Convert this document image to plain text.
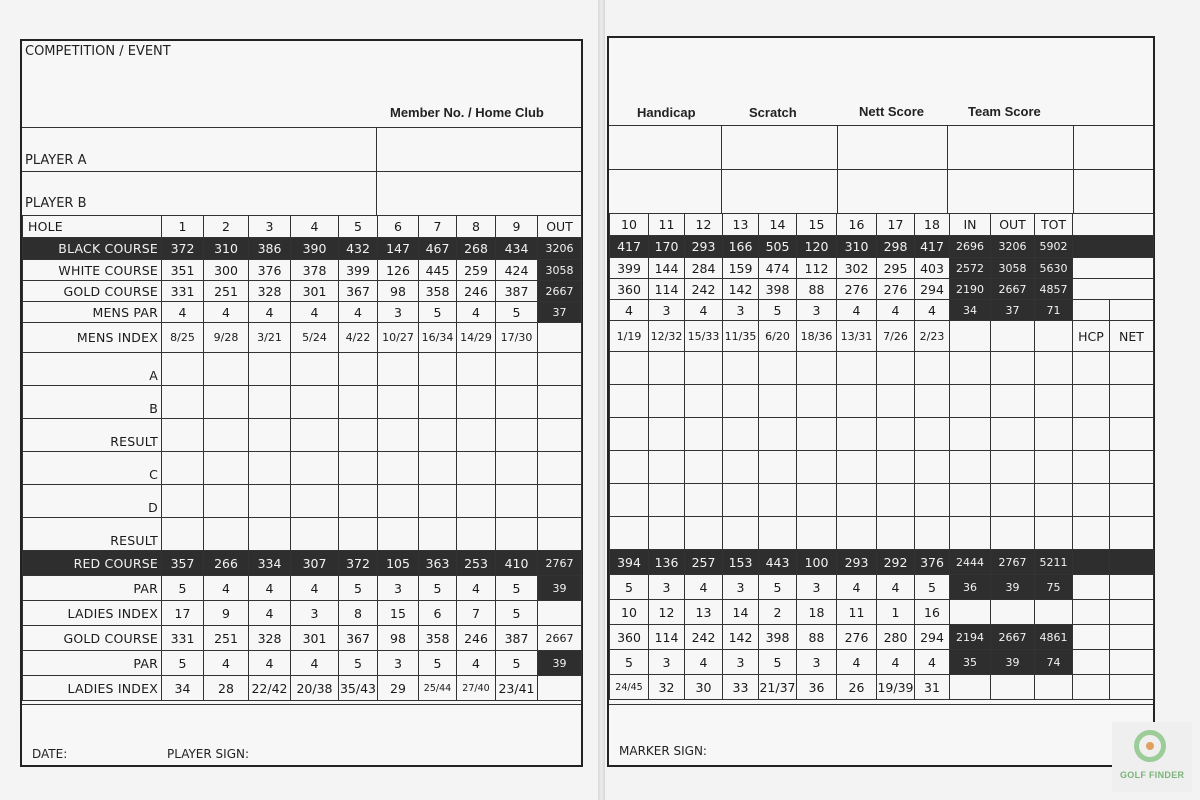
COMPETITION / EVENT
Member No. / Home Club
PLAYER A
PLAYER B
HOLE	1	2	3	4	5	6	7	8	9	OUT
BLACK COURSE	372	310	386	390	432	147	467	268	434	3206
WHITE COURSE	351	300	376	378	399	126	445	259	424	3058
GOLD COURSE	331	251	328	301	367	98	358	246	387	2667
MENS PAR	4	4	4	4	4	3	5	4	5	37
MENS INDEX	8/25	9/28	3/21	5/24	4/22	10/27	16/34	14/29	17/30	
A										
B										
RESULT										
C										
D										
RESULT										
RED COURSE	357	266	334	307	372	105	363	253	410	2767
PAR	5	4	4	4	5	3	5	4	5	39
LADIES INDEX	17	9	4	3	8	15	6	7	5	
GOLD COURSE	331	251	328	301	367	98	358	246	387	2667
PAR	5	4	4	4	5	3	5	4	5	39
LADIES INDEX	34	28	22/42	20/38	35/43	29	25/44	27/40	23/41	
DATE:	PLAYER SIGN:
Handicap	Scratch	Nett Score	Team Score
10	11	12	13	14	15	16	17	18	IN	OUT	TOT		
417	170	293	166	505	120	310	298	417	2696	3206	5902		
399	144	284	159	474	112	302	295	403	2572	3058	5630		
360	114	242	142	398	88	276	276	294	2190	2667	4857		
4	3	4	3	5	3	4	4	4	34	37	71		
1/19	12/32	15/33	11/35	6/20	18/36	13/31	7/26	2/23				HCP	NET

394	136	257	153	443	100	293	292	376	2444	2767	5211		
5	3	4	3	5	3	4	4	5	36	39	75		
10	12	13	14	2	18	11	1	16					
360	114	242	142	398	88	276	280	294	2194	2667	4861		
5	3	4	3	5	3	4	4	4	35	39	74		
24/45	32	30	33	21/37	36	26	19/39	31					
MARKER SIGN:
GOLF FINDER
